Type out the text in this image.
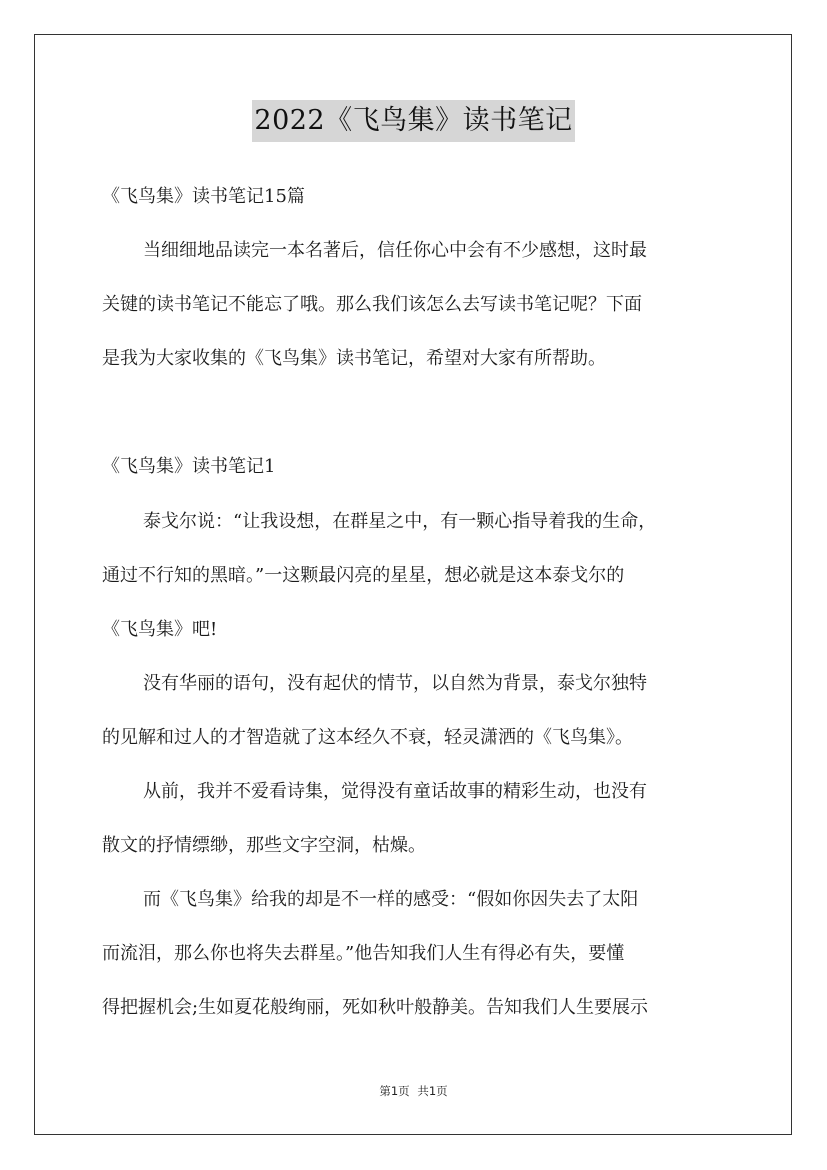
2022《飞鸟集》读书笔记
《飞鸟集》读书笔记15篇
当细细地品读完一本名著后，信任你心中会有不少感想，这时最
关键的读书笔记不能忘了哦。那么我们该怎么去写读书笔记呢？下面
是我为大家收集的《飞鸟集》读书笔记，希望对大家有所帮助。
《飞鸟集》读书笔记1
泰戈尔说：“让我设想，在群星之中，有一颗心指导着我的生命，
通过不行知的黑暗。”一这颗最闪亮的星星，想必就是这本泰戈尔的
《飞鸟集》吧!
没有华丽的语句，没有起伏的情节，以自然为背景，泰戈尔独特
的见解和过人的才智造就了这本经久不衰，轻灵潇洒的《飞鸟集》。
从前，我并不爱看诗集，觉得没有童话故事的精彩生动，也没有
散文的抒情缥缈，那些文字空洞，枯燥。
而《飞鸟集》给我的却是不一样的感受：“假如你因失去了太阳
而流泪，那么你也将失去群星。”他告知我们人生有得必有失，要懂
得把握机会;生如夏花般绚丽，死如秋叶般静美。告知我们人生要展示
第1页 共1页
